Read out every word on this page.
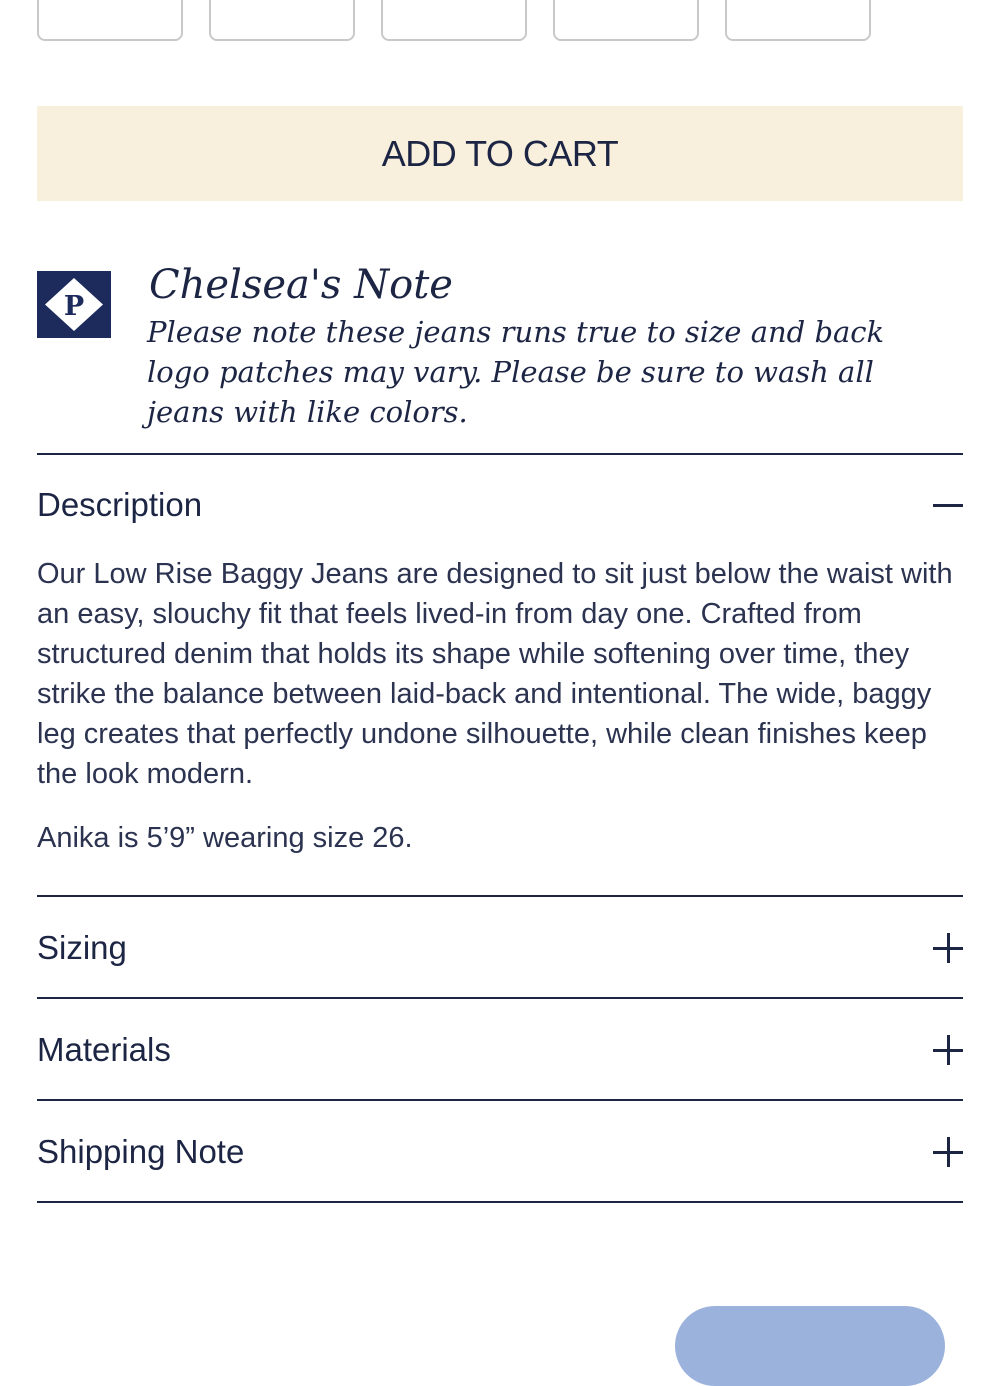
ADD TO CART
P Chelsea's Note
Please note these jeans runs true to size and back logo patches may vary. Please be sure to wash all jeans with like colors.
Description

Our Low Rise Baggy Jeans are designed to sit just below the waist with an easy, slouchy fit that feels lived-in from day one. Crafted from structured denim that holds its shape while softening over time, they strike the balance between laid-back and intentional. The wide, baggy leg creates that perfectly undone silhouette, while clean finishes keep the look modern.

Anika is 5’9” wearing size 26.

Sizing
Materials
Shipping Note
